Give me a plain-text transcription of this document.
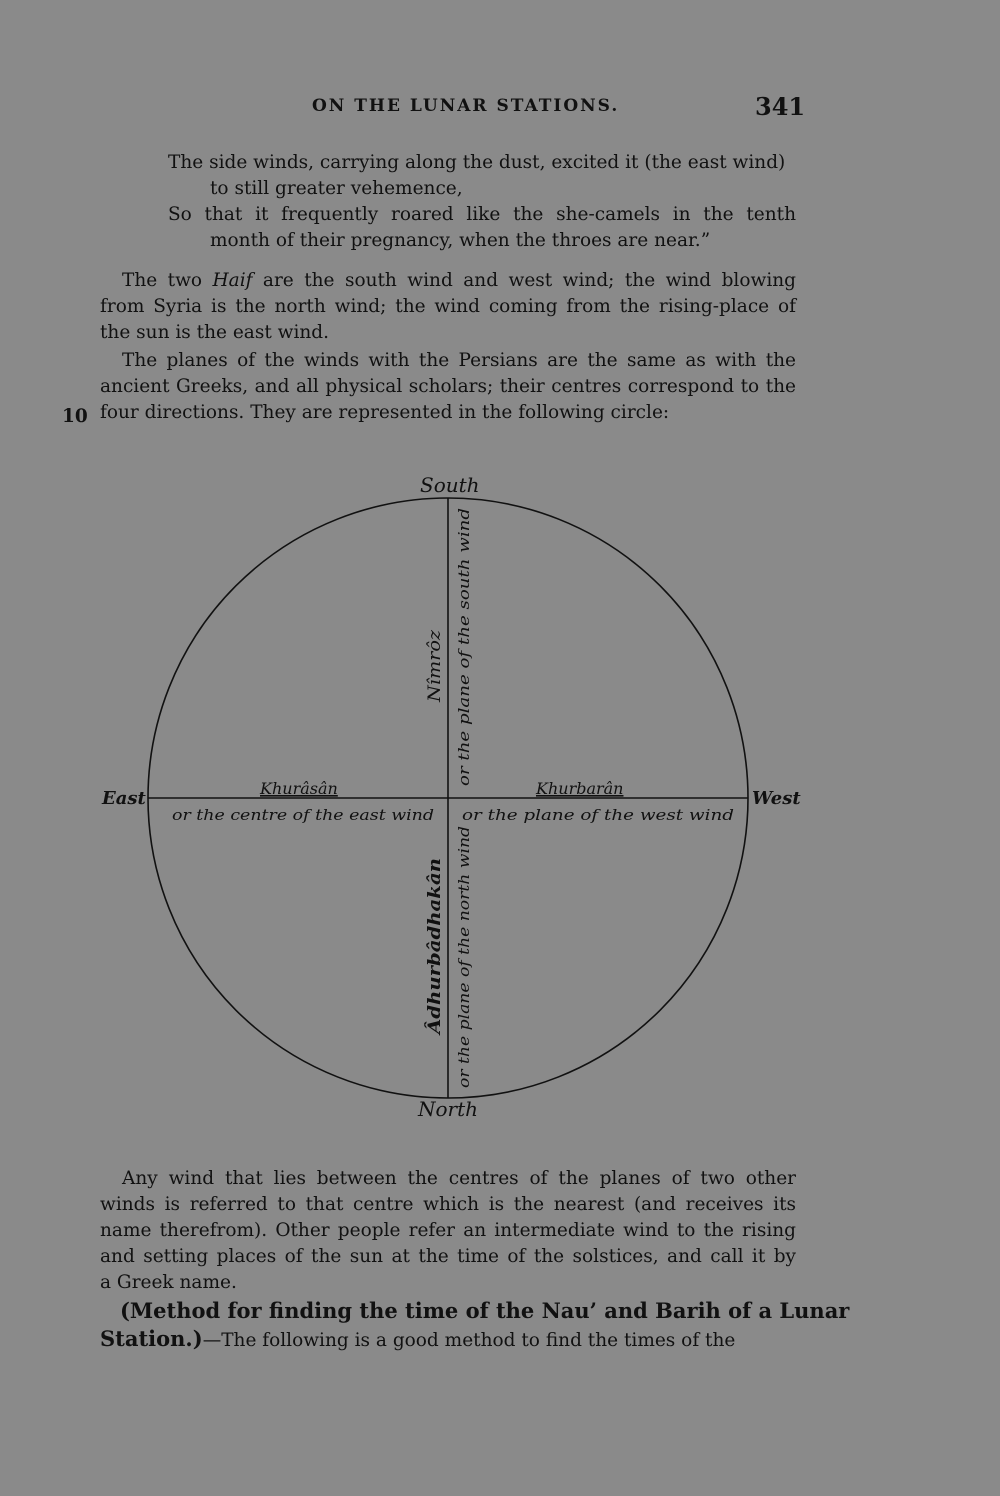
ON THE LUNAR STATIONS.	341
The side winds, carrying along the dust, excited it (the east wind)
to still greater vehemence,
So that it frequently roared like the she-camels in the tenth
month of their pregnancy, when the throes are near.”
The two Haif are the south wind and west wind; the wind blowing
from Syria is the north wind; the wind coming from the rising-place of
the sun is the east wind.
The planes of the winds with the Persians are the same as with the
ancient Greeks, and all physical scholars; their centres correspond to the
four directions. They are represented in the following circle:
10
South
North
East	West
Khurâsân
or the centre of the east wind
Khurbarân
or the plane of the west wind
Nîmrôz or the plane of the south wind
Âdhurbâdhakân or the plane of the north wind
Any wind that lies between the centres of the planes of two other
winds is referred to that centre which is the nearest (and receives its
name therefrom). Other people refer an intermediate wind to the rising
and setting places of the sun at the time of the solstices, and call it by
a Greek name.
(Method for finding the time of the Nau’ and Barih of a Lunar
Station.)—The following is a good method to find the times of the
